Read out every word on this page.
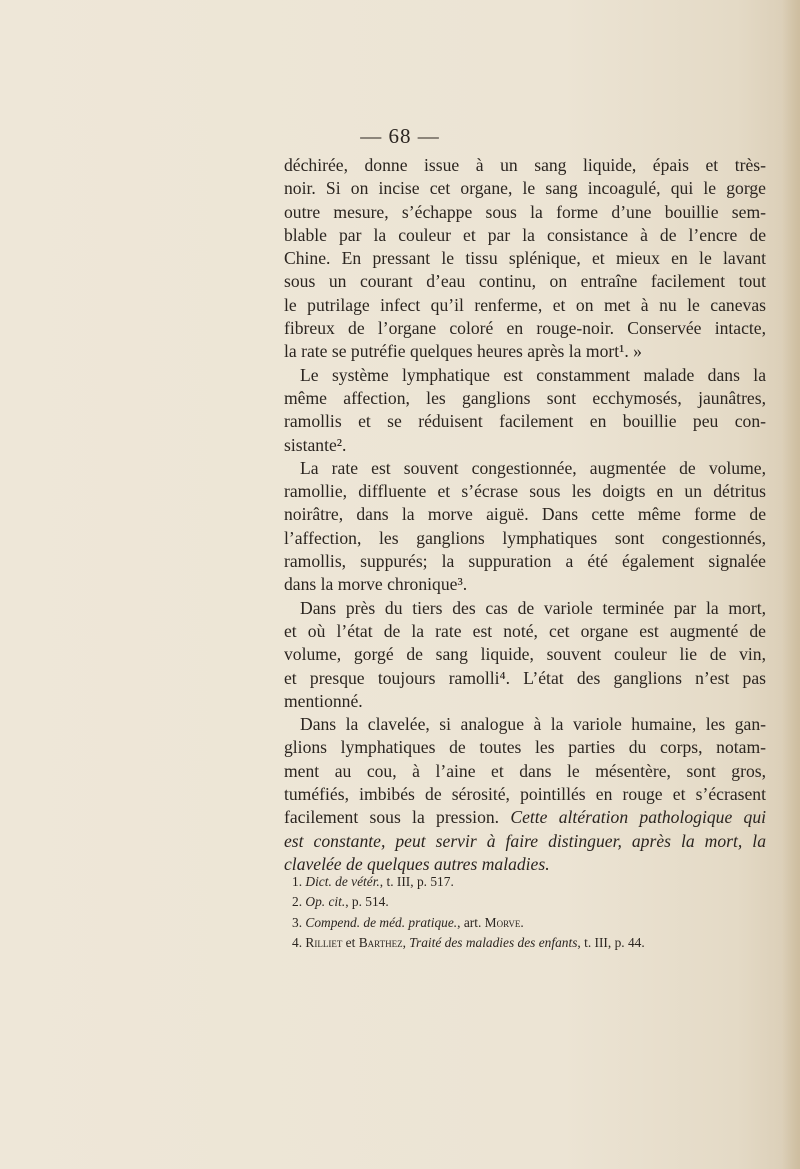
— 68 —
déchirée, donne issue à un sang liquide, épais et très-
noir. Si on incise cet organe, le sang incoagulé, qui le gorge
outre mesure, s’échappe sous la forme d’une bouillie sem-
blable par la couleur et par la consistance à de l’encre de
Chine. En pressant le tissu splénique, et mieux en le lavant
sous un courant d’eau continu, on entraîne facilement tout
le putrilage infect qu’il renferme, et on met à nu le canevas
fibreux de l’organe coloré en rouge-noir. Conservée intacte,
la rate se putréfie quelques heures après la mort¹. »
Le système lymphatique est constamment malade dans la
même affection, les ganglions sont ecchymosés, jaunâtres,
ramollis et se réduisent facilement en bouillie peu con-
sistante².
La rate est souvent congestionnée, augmentée de volume,
ramollie, diffluente et s’écrase sous les doigts en un détritus
noirâtre, dans la morve aiguë. Dans cette même forme de
l’affection, les ganglions lymphatiques sont congestionnés,
ramollis, suppurés; la suppuration a été également signalée
dans la morve chronique³.
Dans près du tiers des cas de variole terminée par la mort,
et où l’état de la rate est noté, cet organe est augmenté de
volume, gorgé de sang liquide, souvent couleur lie de vin,
et presque toujours ramolli⁴. L’état des ganglions n’est pas
mentionné.
Dans la clavelée, si analogue à la variole humaine, les gan-
glions lymphatiques de toutes les parties du corps, notam-
ment au cou, à l’aine et dans le mésentère, sont gros,
tuméfiés, imbibés de sérosité, pointillés en rouge et s’écrasent
facilement sous la pression. Cette altération pathologique qui
est constante, peut servir à faire distinguer, après la mort, la
clavelée de quelques autres maladies.
1. Dict. de vétér., t. III, p. 517.
2. Op. cit., p. 514.
3. Compend. de méd. pratique., art. Morve.
4. Rilliet et Barthez, Traité des maladies des enfants, t. III, p. 44.
